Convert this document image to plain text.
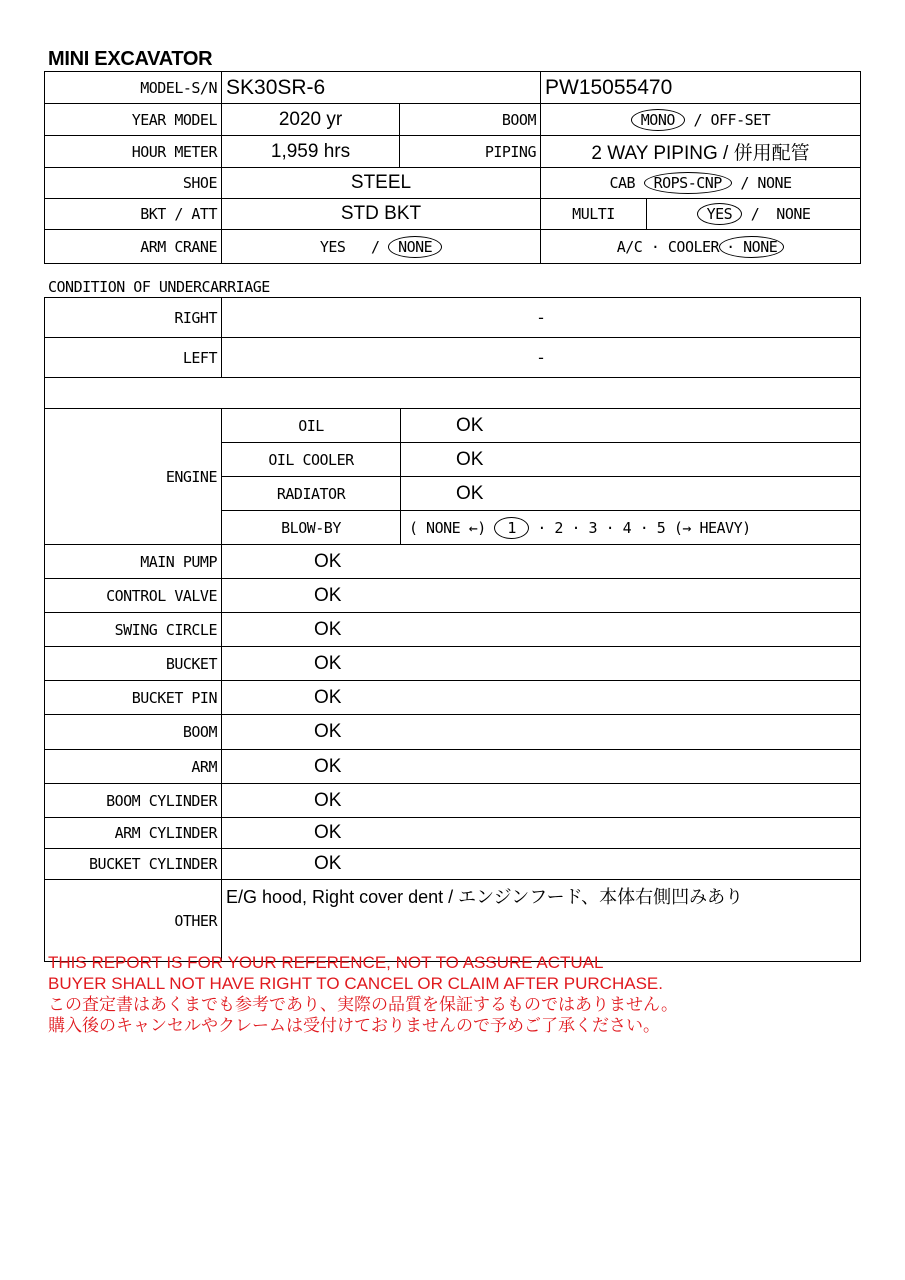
MINI EXCAVATOR
MODEL-S/N	SK30SR-6		PW15055470	
YEAR MODEL	2020 yr	BOOM	MONO / OFF-SET	
HOUR METER	1,959 hrs	PIPING	2 WAY PIPING / 併用配管	
SHOE	STEEL		CAB ROPS-CNP / NONE	
BKT / ATT	STD BKT		MULTI	YES / NONE
ARM CRANE	YES / NONE		A/C · COOLER · NONE	
CONDITION OF UNDERCARRIAGE
RIGHT	-	
LEFT	-	

ENGINE	OIL	OK
	OIL COOLER	OK
	RADIATOR	OK
	BLOW-BY	( NONE ←) 1 · 2 · 3 · 4 · 5 (→ HEAVY)
MAIN PUMP	OK	
CONTROL VALVE	OK	
SWING CIRCLE	OK	
BUCKET	OK	
BUCKET PIN	OK	
BOOM	OK	
ARM	OK	
BOOM CYLINDER	OK	
ARM CYLINDER	OK	
BUCKET CYLINDER	OK	
OTHER	E/G hood, Right cover dent / エンジンフード、本体右側凹みあり	
THIS REPORT IS FOR YOUR REFERENCE, NOT TO ASSURE ACTUAL
BUYER SHALL NOT HAVE RIGHT TO CANCEL OR CLAIM AFTER PURCHASE.
この査定書はあくまでも参考であり、実際の品質を保証するものではありません。
購入後のキャンセルやクレームは受付けておりませんので予めご了承ください。
